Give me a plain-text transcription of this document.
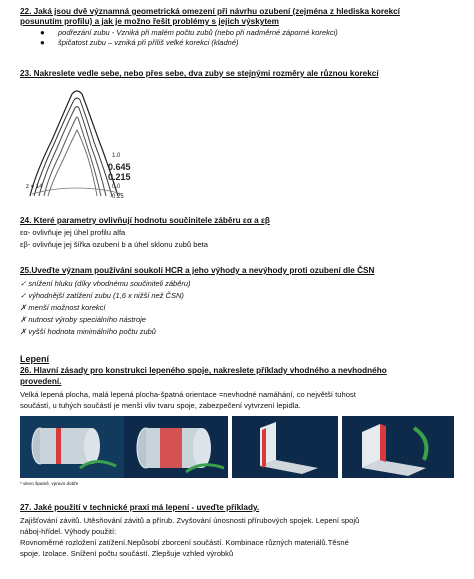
22. Jaká jsou dvě významná geometrická omezení při návrhu ozubení (zejména z hlediska korekcí
posunutím profilu) a jak je možno řešit problémy s jejich výskytem
● podřezání zubu - Vzniká při malém počtu zubů (nebo při nadměrné záporné korekci)
● špičatost zubu – vzniká při příliš velké korekci (kladné)
23. Nakreslete vedle sebe, nebo přes sebe, dva zuby se stejnými rozměry ale různou korekcí
z = 14
1.0
0.645
0.215
0.0
-0.25
24. Které parametry ovlivňují hodnotu součinitele záběru εα a εβ
εα- ovlivňuje jej úhel profilu alfa
εβ- ovlivňuje jej šířka ozubení b a úhel sklonu zubů beta
25.Uveďte význam používání soukolí HCR a jeho výhody a nevýhody proti ozubení dle ČSN
✓ snížení hluku (díky vhodnému součiniteli záběru)
✓ výhodnější zatížení zubu (1,6 x nižší než ČSN)
✗ menší možnost korekcí
✗ nutnost výroby speciálního nástroje
✗ vyšší hodnota minimálního počtu zubů
Lepení
26. Hlavní zásady pro konstrukci lepeného spoje, nakreslete příklady vhodného a nevhodného
provedení.
Velká lepená plocha, malá lepená plocha-špatná orientace =nevhodné namáhání, co největší tuhost
součástí, u tuhých součástí je menší vliv tvaru spoje, zabezpečení vytvrzení lepidla.
* vlevo špatně, vpravo dobře
27. Jaké použití v technické praxi má lepení - uveďte příklady.
Zajišťování závitů. Utěsňování závitů a přírub. Zvyšování únosnosti přírubových spojek. Lepení spojů
náboj-hřídel. Výhody použití:
Rovnoměrné rozložení zatížení.Nepůsobí zborcení součástí. Kombinace různých materiálů.Těsné
spoje. Izolace. Snížení počtu součástí. Zlepšuje vzhled výrobků
